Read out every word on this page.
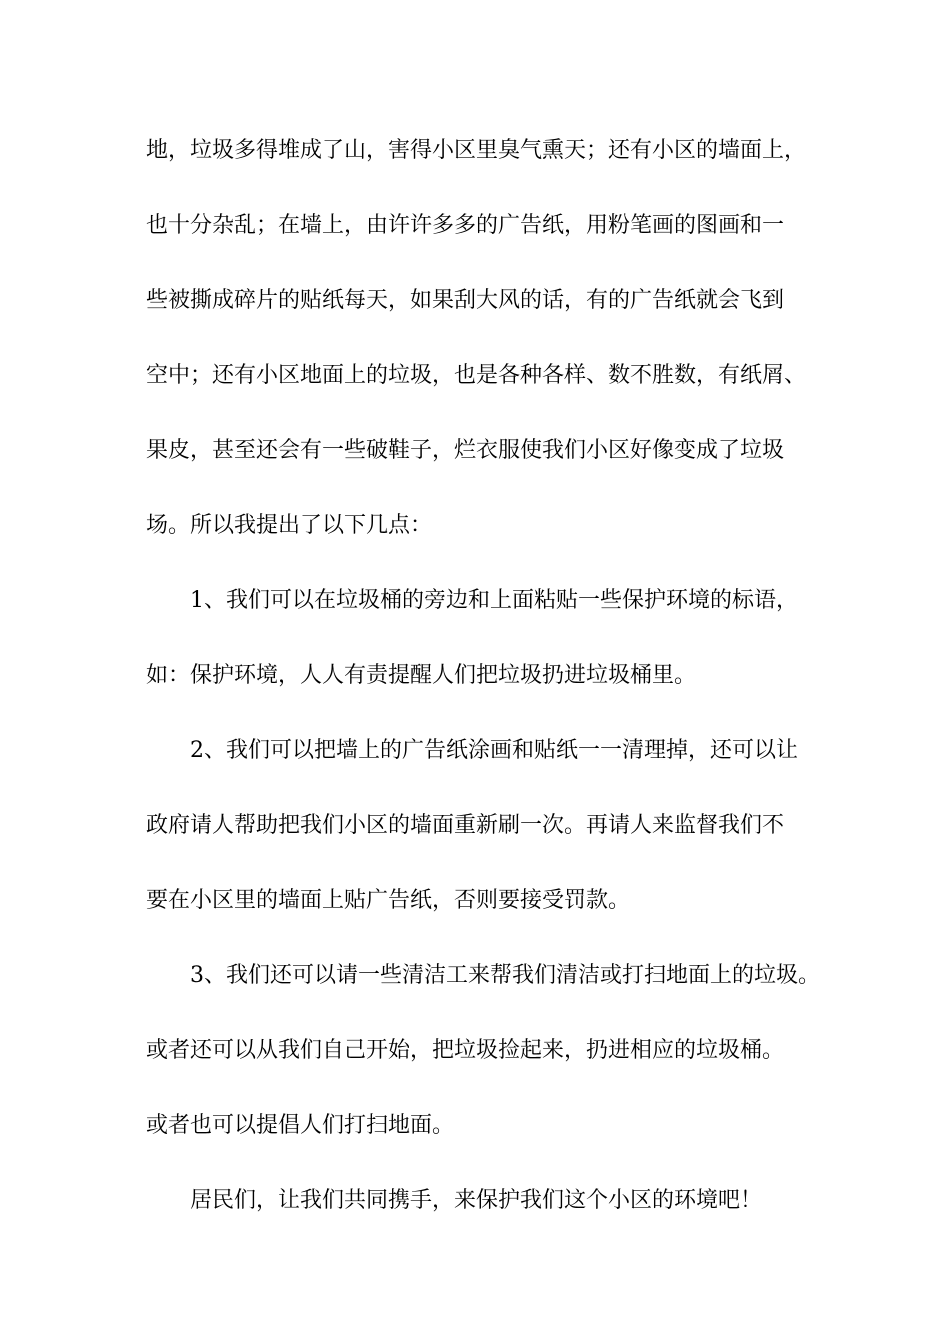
地，垃圾多得堆成了山，害得小区里臭气熏天；还有小区的墙面上，
也十分杂乱；在墙上，由许许多多的广告纸，用粉笔画的图画和一
些被撕成碎片的贴纸每天，如果刮大风的话，有的广告纸就会飞到
空中；还有小区地面上的垃圾，也是各种各样、数不胜数，有纸屑、
果皮，甚至还会有一些破鞋子，烂衣服使我们小区好像变成了垃圾
场。所以我提出了以下几点：
1、我们可以在垃圾桶的旁边和上面粘贴一些保护环境的标语，
如：保护环境，人人有责提醒人们把垃圾扔进垃圾桶里。
2、我们可以把墙上的广告纸涂画和贴纸一一清理掉，还可以让
政府请人帮助把我们小区的墙面重新刷一次。再请人来监督我们不
要在小区里的墙面上贴广告纸，否则要接受罚款。
3、我们还可以请一些清洁工来帮我们清洁或打扫地面上的垃圾。
或者还可以从我们自己开始，把垃圾捡起来，扔进相应的垃圾桶。
或者也可以提倡人们打扫地面。
居民们，让我们共同携手，来保护我们这个小区的环境吧！
